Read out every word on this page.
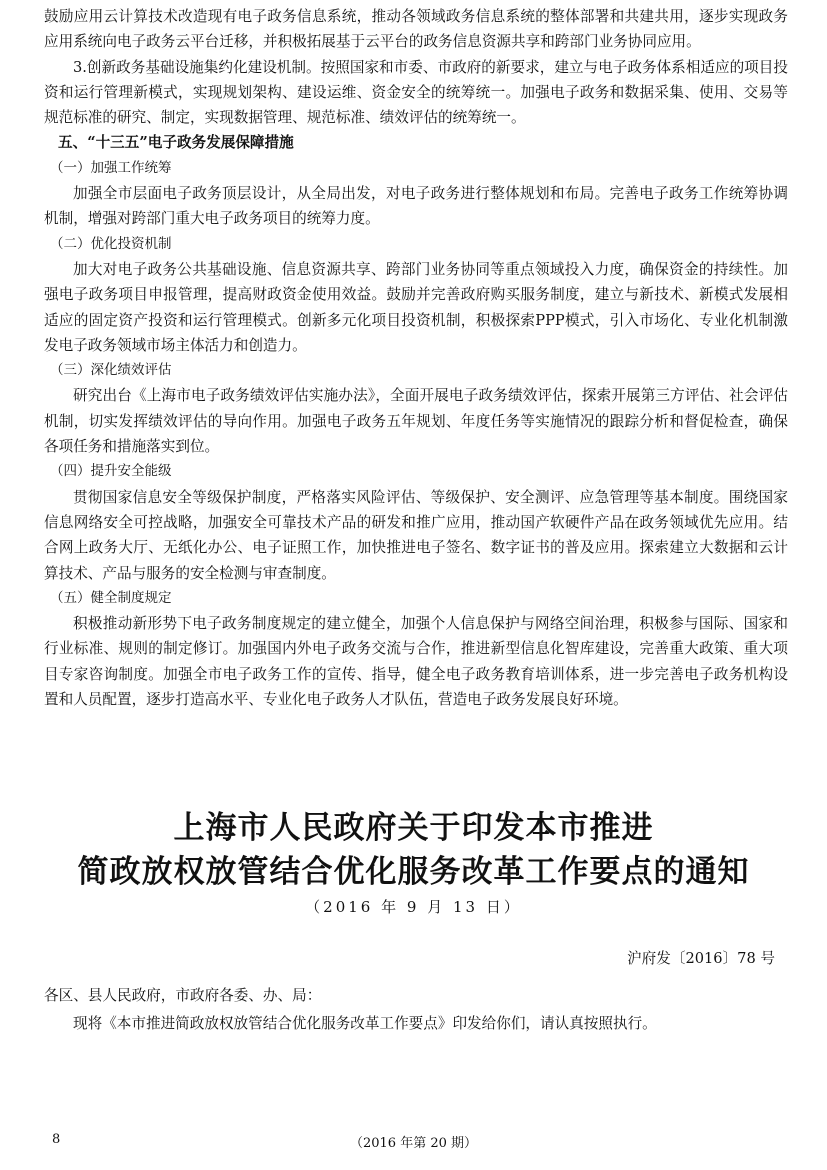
鼓励应用云计算技术改造现有电子政务信息系统，推动各领域政务信息系统的整体部署和共建共用，逐步实现政务应用系统向电子政务云平台迁移，并积极拓展基于云平台的政务信息资源共享和跨部门业务协同应用。

3.创新政务基础设施集约化建设机制。按照国家和市委、市政府的新要求，建立与电子政务体系相适应的项目投资和运行管理新模式，实现规划架构、建设运维、资金安全的统筹统一。加强电子政务和数据采集、使用、交易等规范标准的研究、制定，实现数据管理、规范标准、绩效评估的统筹统一。

五、“十三五”电子政务发展保障措施

（一）加强工作统筹

加强全市层面电子政务顶层设计，从全局出发，对电子政务进行整体规划和布局。完善电子政务工作统筹协调机制，增强对跨部门重大电子政务项目的统筹力度。

（二）优化投资机制

加大对电子政务公共基础设施、信息资源共享、跨部门业务协同等重点领域投入力度，确保资金的持续性。加强电子政务项目申报管理，提高财政资金使用效益。鼓励并完善政府购买服务制度，建立与新技术、新模式发展相适应的固定资产投资和运行管理模式。创新多元化项目投资机制，积极探索PPP模式，引入市场化、专业化机制激发电子政务领域市场主体活力和创造力。

（三）深化绩效评估

研究出台《上海市电子政务绩效评估实施办法》，全面开展电子政务绩效评估，探索开展第三方评估、社会评估机制，切实发挥绩效评估的导向作用。加强电子政务五年规划、年度任务等实施情况的跟踪分析和督促检查，确保各项任务和措施落实到位。

（四）提升安全能级

贯彻国家信息安全等级保护制度，严格落实风险评估、等级保护、安全测评、应急管理等基本制度。围绕国家信息网络安全可控战略，加强安全可靠技术产品的研发和推广应用，推动国产软硬件产品在政务领域优先应用。结合网上政务大厅、无纸化办公、电子证照工作，加快推进电子签名、数字证书的普及应用。探索建立大数据和云计算技术、产品与服务的安全检测与审查制度。

（五）健全制度规定

积极推动新形势下电子政务制度规定的建立健全，加强个人信息保护与网络空间治理，积极参与国际、国家和行业标准、规则的制定修订。加强国内外电子政务交流与合作，推进新型信息化智库建设，完善重大政策、重大项目专家咨询制度。加强全市电子政务工作的宣传、指导，健全电子政务教育培训体系，进一步完善电子政务机构设置和人员配置，逐步打造高水平、专业化电子政务人才队伍，营造电子政务发展良好环境。

上海市人民政府关于印发本市推进
简政放权放管结合优化服务改革工作要点的通知
（2016 年 9 月 13 日）
沪府发〔2016〕78 号
各区、县人民政府，市政府各委、办、局：
现将《本市推进简政放权放管结合优化服务改革工作要点》印发给你们，请认真按照执行。
8	（2016 年第 20 期）
